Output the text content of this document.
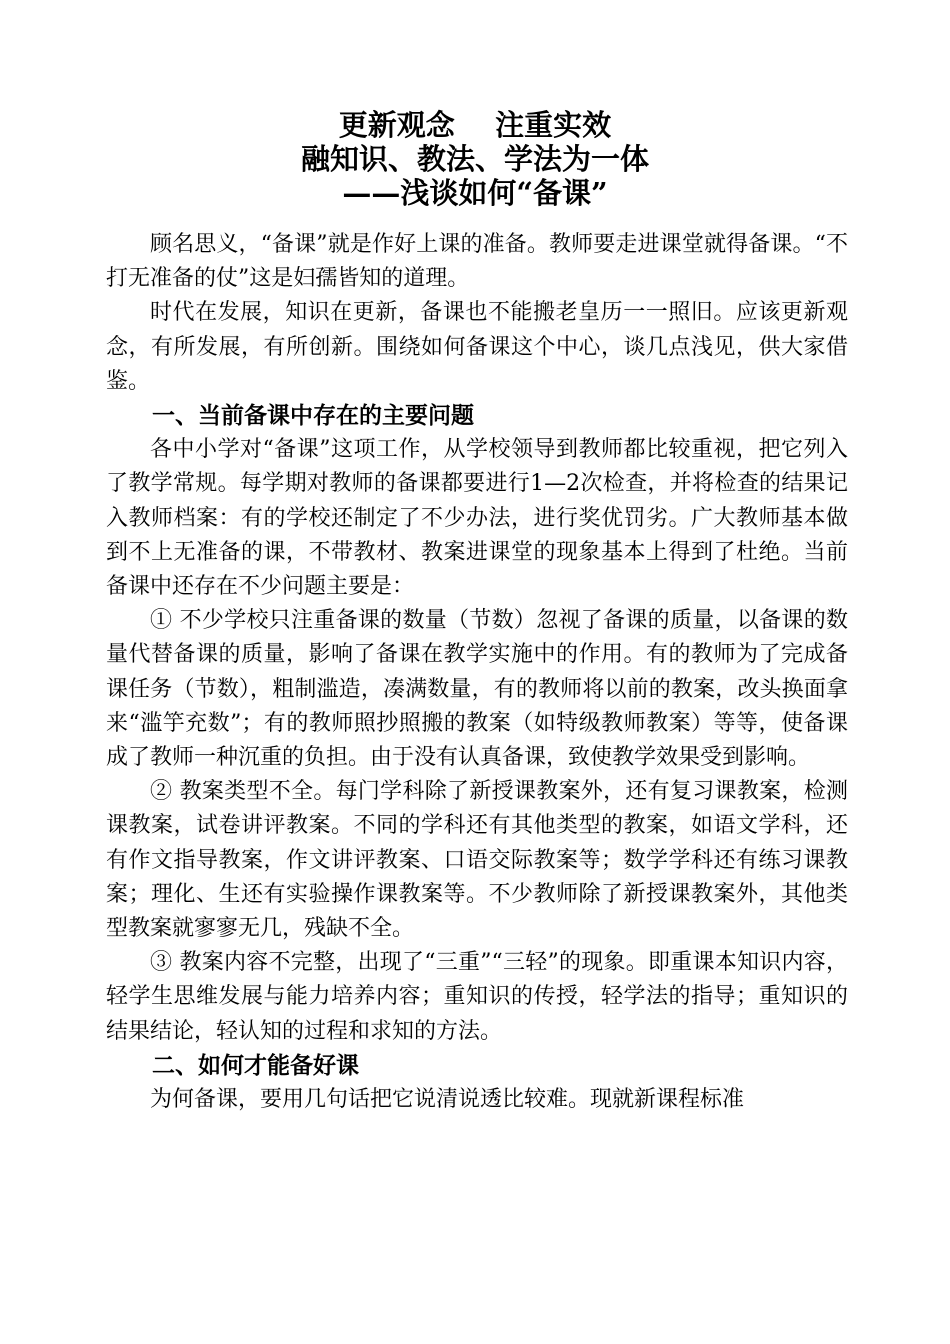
更新观念    注重实效
融知识、教法、学法为一体
——浅谈如何“备课”

顾名思义，“备课”就是作好上课的准备。教师要走进课堂就得备课。“不打无准备的仗”这是妇孺皆知的道理。

时代在发展，知识在更新，备课也不能搬老皇历一一照旧。应该更新观念，有所发展，有所创新。围绕如何备课这个中心，谈几点浅见，供大家借鉴。

一、当前备课中存在的主要问题

各中小学对“备课”这项工作，从学校领导到教师都比较重视，把它列入了教学常规。每学期对教师的备课都要进行1—2次检查，并将检查的结果记入教师档案：有的学校还制定了不少办法，进行奖优罚劣。广大教师基本做到不上无准备的课，不带教材、教案进课堂的现象基本上得到了杜绝。当前备课中还存在不少问题主要是：

① 不少学校只注重备课的数量（节数）忽视了备课的质量，以备课的数量代替备课的质量，影响了备课在教学实施中的作用。有的教师为了完成备课任务（节数），粗制滥造，凑满数量，有的教师将以前的教案，改头换面拿来“滥竽充数”；有的教师照抄照搬的教案（如特级教师教案）等等，使备课成了教师一种沉重的负担。由于没有认真备课，致使教学效果受到影响。

② 教案类型不全。每门学科除了新授课教案外，还有复习课教案，检测课教案，试卷讲评教案。不同的学科还有其他类型的教案，如语文学科，还有作文指导教案，作文讲评教案、口语交际教案等；数学学科还有练习课教案；理化、生还有实验操作课教案等。不少教师除了新授课教案外，其他类型教案就寥寥无几，残缺不全。

③ 教案内容不完整，出现了“三重”“三轻”的现象。即重课本知识内容，轻学生思维发展与能力培养内容；重知识的传授，轻学法的指导；重知识的结果结论，轻认知的过程和求知的方法。

二、如何才能备好课

为何备课，要用几句话把它说清说透比较难。现就新课程标准
